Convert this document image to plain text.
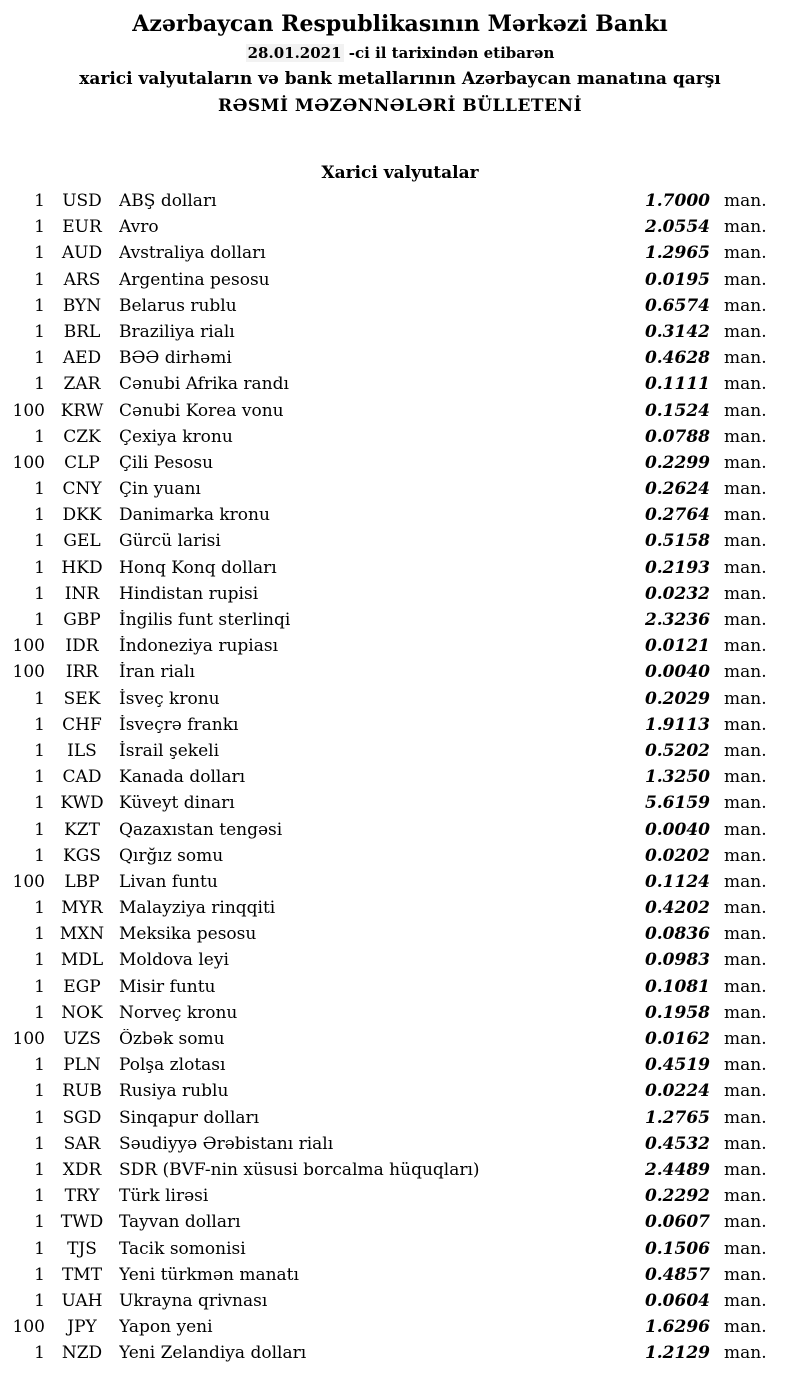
Azərbaycan Respublikasının Mərkəzi Bankı
28.01.2021 -ci il tarixindən etibarən
xarici valyutaların və bank metallarının Azərbaycan manatına qarşı
RƏSMİ MƏZƏNNƏLƏRİ BÜLLETENİ
Xarici valyutalar
1	USD	ABŞ dolları	1.7000 man.
1	EUR	Avro	2.0554 man.
1 AUD Avstraliya dolları	1.2965 man.
1	ARS	Argentina pesosu	0.0195 man.
1	BYN	Belarus rublu	0.6574 man.
1	BRL	Braziliya rialı	0.3142 man.
1	AED	BƏƏ dirhəmi	0.4628 man.
1	ZAR	Cənubi Afrika randı	0.1111 man.
100 KRW Cənubi Korea vonu	0.1524 man.
1	CZK	Çexiya kronu	0.0788 man.
100	CLP	Çili Pesosu	0.2299 man.
1	CNY	Çin yuanı	0.2624 man.
1	DKK	Danimarka kronu	0.2764 man.
1	GEL	Gürcü larisi	0.5158 man.
1 HKD Honq Konq dolları	0.2193 man.
1	INR	Hindistan rupisi	0.0232 man.
1	GBP	İngilis funt sterlinqi	2.3236 man.
100	IDR	İndoneziya rupiası	0.0121 man.
100	IRR	İran rialı	0.0040 man.
1	SEK	İsveç kronu	0.2029 man.
1	CHF	İsveçrə frankı	1.9113 man.
1	ILS	İsrail şekeli	0.5202 man.
1	CAD	Kanada dolları	1.3250 man.
1 KWD Küveyt dinarı	5.6159 man.
1	KZT	Qazaxıstan tengəsi	0.0040 man.
1	KGS	Qırğız somu	0.0202 man.
100	LBP	Livan funtu	0.1124 man.
1 MYR Malayziya rinqqiti	0.4202 man.
1 MXN Meksika pesosu	0.0836 man.
1 MDL Moldova leyi	0.0983 man.
1	EGP	Misir funtu	0.1081 man.
1 NOK Norveç kronu	0.1958 man.
100	UZS	Özbək somu	0.0162 man.
1	PLN	Polşa zlotası	0.4519 man.
1	RUB	Rusiya rublu	0.0224 man.
1	SGD	Sinqapur dolları	1.2765 man.
1	SAR	Səudiyyə Ərəbistanı rialı	0.4532 man.
1	XDR	SDR (BVF-nin xüsusi borcalma hüquqları)	2.4489 man.
1	TRY	Türk lirəsi	0.2292 man.
1 TWD Tayvan dolları	0.0607 man.
1	TJS	Tacik somonisi	0.1506 man.
1 TMT Yeni türkmən manatı	0.4857 man.
1 UAH Ukrayna qrivnası	0.0604 man.
100	JPY	Yapon yeni	1.6296 man.
1 NZD Yeni Zelandiya dolları	1.2129 man.
